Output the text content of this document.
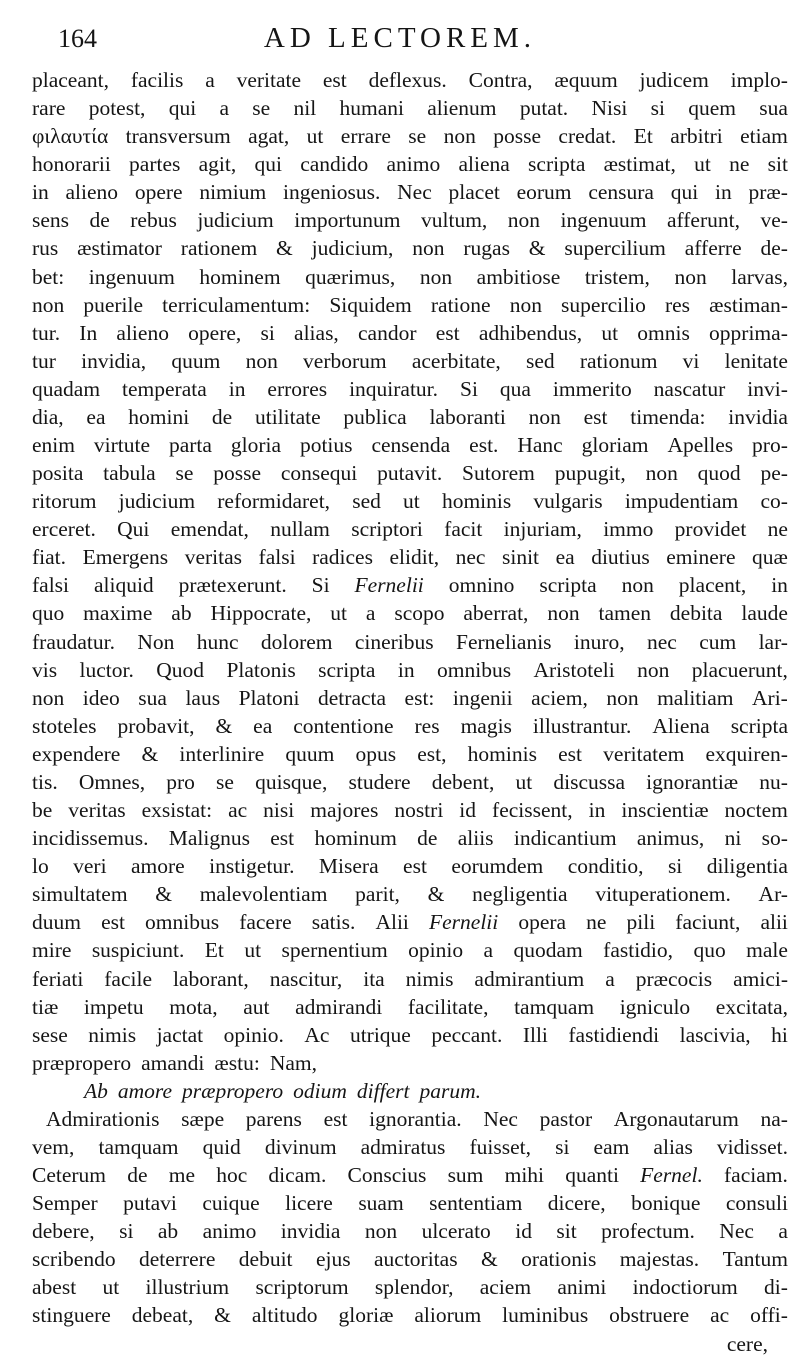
164	AD LECTOREM.
placeant, facilis a veritate est deflexus. Contra, æquum judicem implo-
rare potest, qui a se nil humani alienum putat. Nisi si quem sua
φιλαυτία transversum agat, ut errare se non posse credat. Et arbitri etiam
honorarii partes agit, qui candido animo aliena scripta æstimat, ut ne sit
in alieno opere nimium ingeniosus. Nec placet eorum censura qui in præ-
sens de rebus judicium importunum vultum, non ingenuum afferunt, ve-
rus æstimator rationem & judicium, non rugas & supercilium afferre de-
bet: ingenuum hominem quærimus, non ambitiose tristem, non larvas,
non puerile terriculamentum: Siquidem ratione non supercilio res æstiman-
tur. In alieno opere, si alias, candor est adhibendus, ut omnis opprima-
tur invidia, quum non verborum acerbitate, sed rationum vi lenitate
quadam temperata in errores inquiratur. Si qua immerito nascatur invi-
dia, ea homini de utilitate publica laboranti non est timenda: invidia
enim virtute parta gloria potius censenda est. Hanc gloriam Apelles pro-
posita tabula se posse consequi putavit. Sutorem pupugit, non quod pe-
ritorum judicium reformidaret, sed ut hominis vulgaris impudentiam co-
erceret. Qui emendat, nullam scriptori facit injuriam, immo providet ne
fiat. Emergens veritas falsi radices elidit, nec sinit ea diutius eminere quæ
falsi aliquid prætexerunt. Si Fernelii omnino scripta non placent, in
quo maxime ab Hippocrate, ut a scopo aberrat, non tamen debita laude
fraudatur. Non hunc dolorem cineribus Fernelianis inuro, nec cum lar-
vis luctor. Quod Platonis scripta in omnibus Aristoteli non placuerunt,
non ideo sua laus Platoni detracta est: ingenii aciem, non malitiam Ari-
stoteles probavit, & ea contentione res magis illustrantur. Aliena scripta
expendere & interlinire quum opus est, hominis est veritatem exquiren-
tis. Omnes, pro se quisque, studere debent, ut discussa ignorantiæ nu-
be veritas exsistat: ac nisi majores nostri id fecissent, in inscientiæ noctem
incidissemus. Malignus est hominum de aliis indicantium animus, ni so-
lo veri amore instigetur. Misera est eorumdem conditio, si diligentia
simultatem & malevolentiam parit, & negligentia vituperationem. Ar-
duum est omnibus facere satis. Alii Fernelii opera ne pili faciunt, alii
mire suspiciunt. Et ut spernentium opinio a quodam fastidio, quo male
feriati facile laborant, nascitur, ita nimis admirantium a præcocis amici-
tiæ impetu mota, aut admirandi facilitate, tamquam igniculo excitata,
sese nimis jactat opinio. Ac utrique peccant. Illi fastidiendi lascivia, hi
præpropero amandi æstu: Nam,
Ab amore præpropero odium differt parum.
Admirationis sæpe parens est ignorantia. Nec pastor Argonautarum na-
vem, tamquam quid divinum admiratus fuisset, si eam alias vidisset.
Ceterum de me hoc dicam. Conscius sum mihi quanti Fernel. faciam.
Semper putavi cuique licere suam sententiam dicere, bonique consuli
debere, si ab animo invidia non ulcerato id sit profectum. Nec a
scribendo deterrere debuit ejus auctoritas & orationis majestas. Tantum
abest ut illustrium scriptorum splendor, aciem animi indoctiorum di-
stinguere debeat, & altitudo gloriæ aliorum luminibus obstruere ac offi-
cere,
